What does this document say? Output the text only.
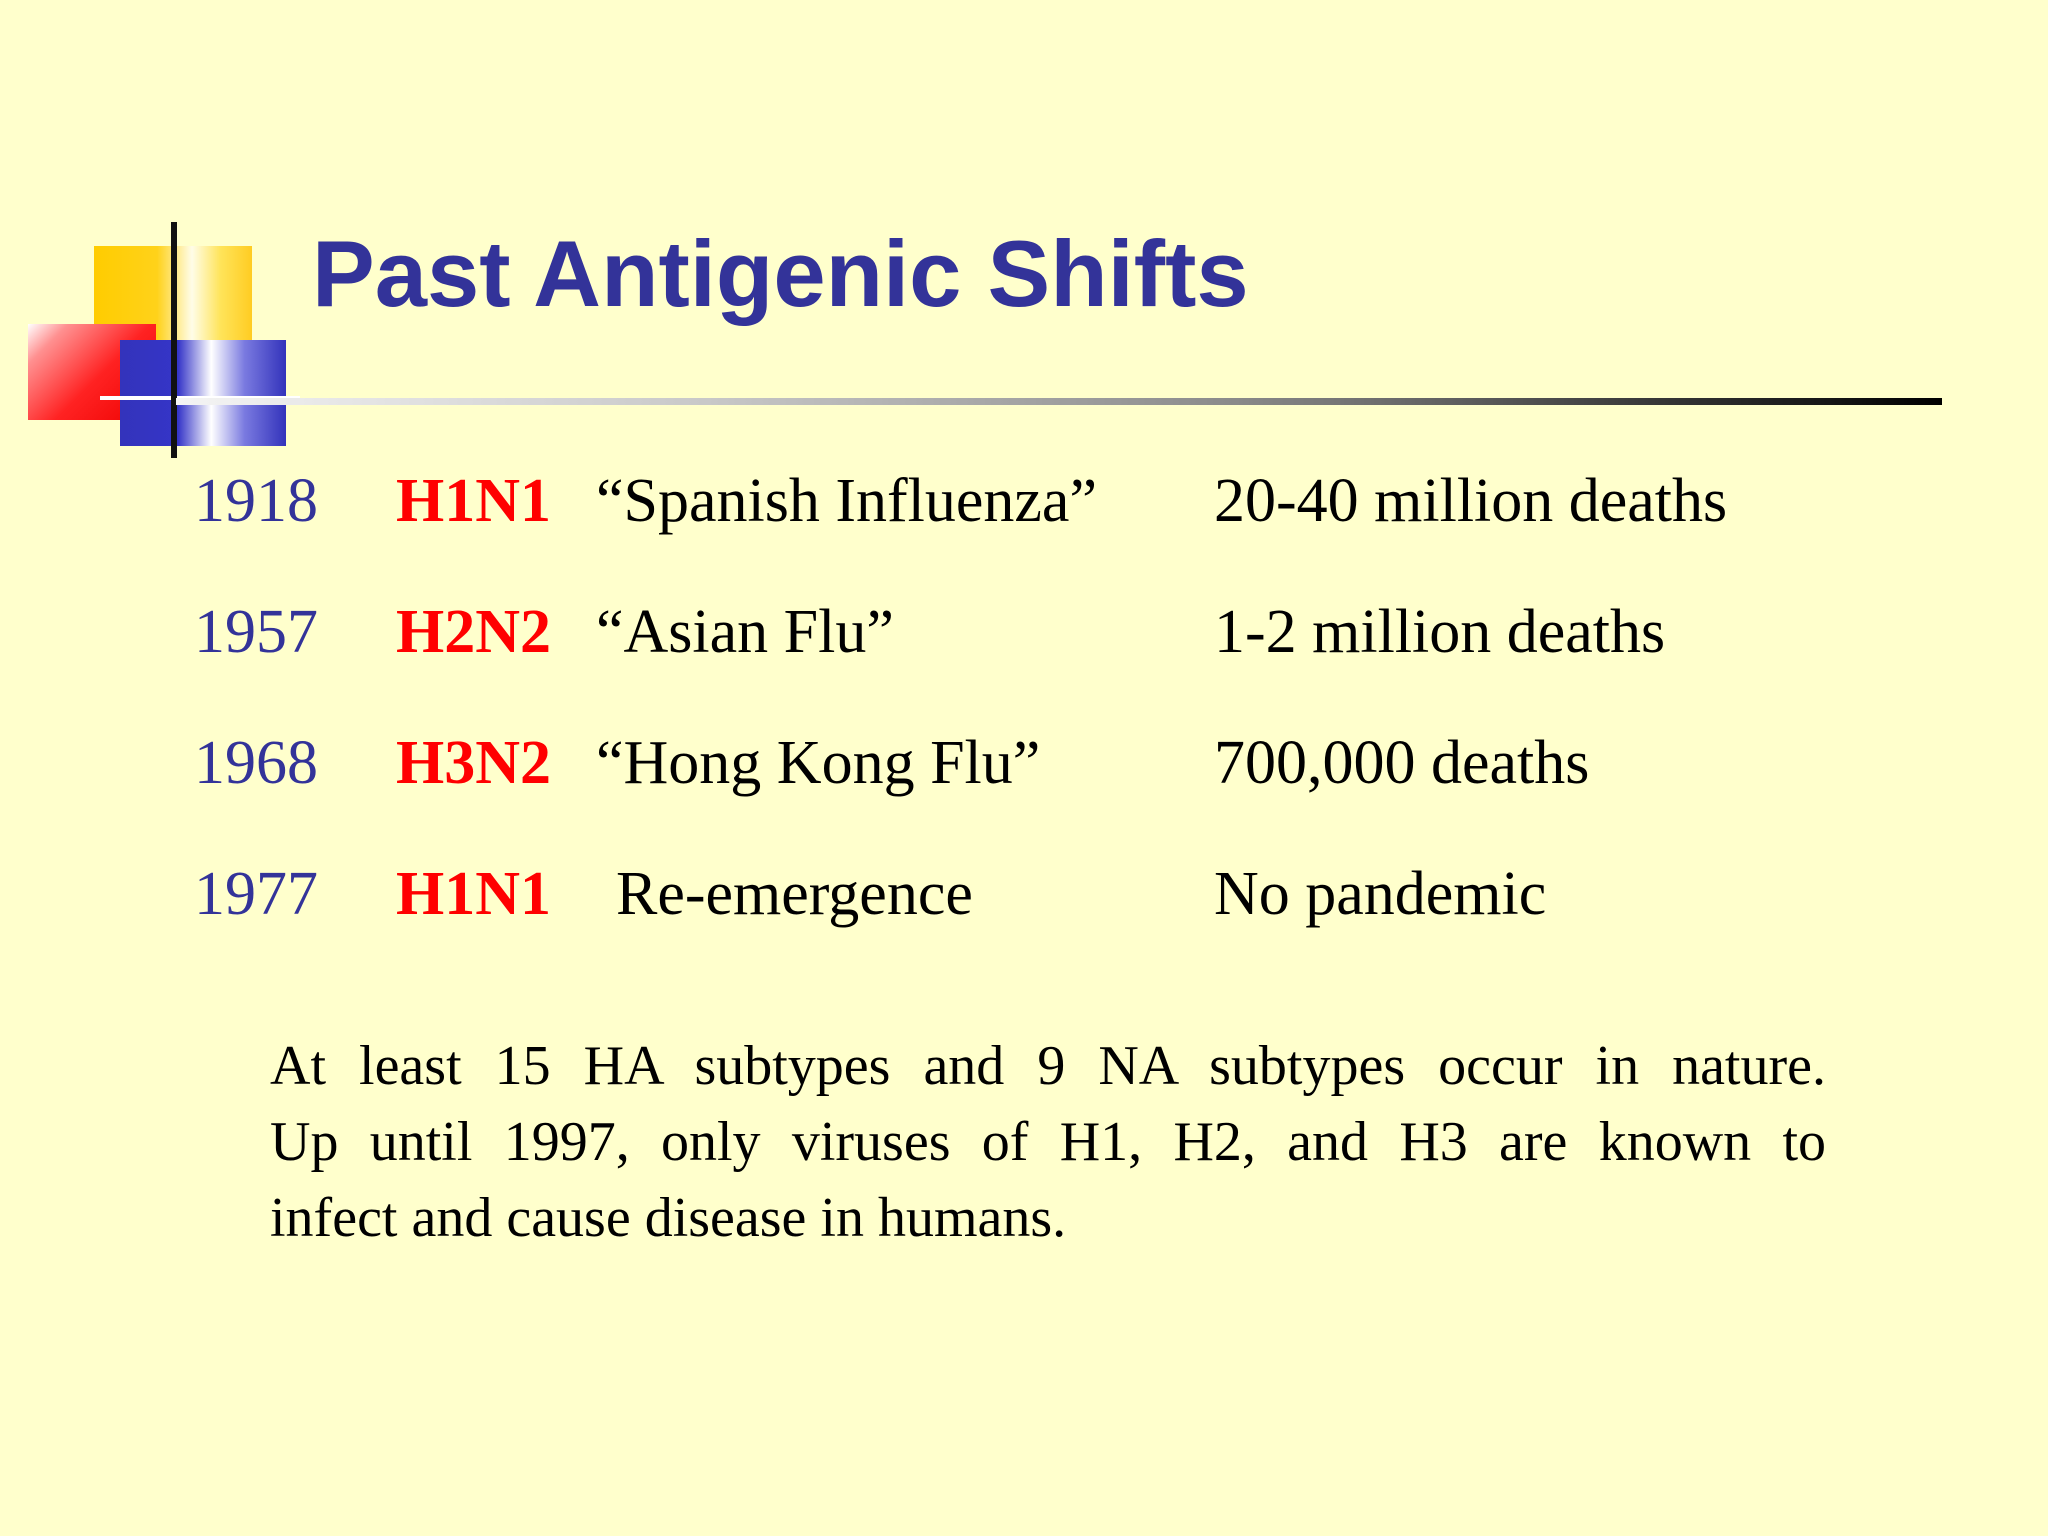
Past Antigenic Shifts
1918 H1N1 “Spanish Influenza” 20-40 million deaths
1957 H2N2 “Asian Flu”	1-2 million deaths
1968 H3N2 “Hong Kong Flu”	700,000 deaths
1977 H1N1 Re-emergence	No pandemic
At least 15 HA subtypes and 9 NA subtypes occur in nature.
Up until 1997, only viruses of H1, H2, and H3 are known to
infect and cause disease in humans.
